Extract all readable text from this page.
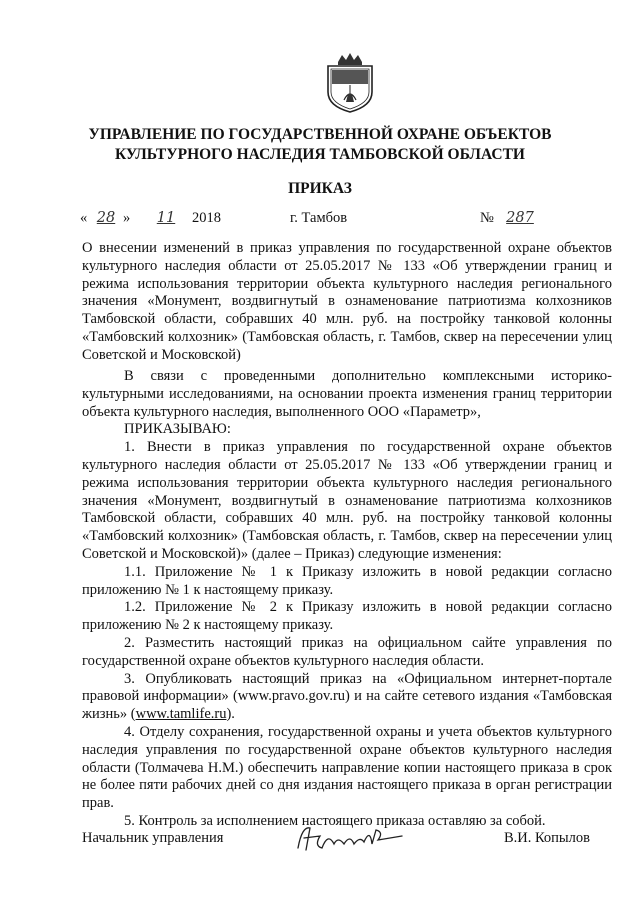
УПРАВЛЕНИЕ ПО ГОСУДАРСТВЕННОЙ ОХРАНЕ ОБЪЕКТОВ
КУЛЬТУРНОГО НАСЛЕДИЯ ТАМБОВСКОЙ ОБЛАСТИ
ПРИКАЗ
« 28 »	11	2018	г. Тамбов	№ 287
О внесении изменений в приказ управления по государственной охране объектов культурного наследия области от 25.05.2017 № 133 «Об утверждении границ и режима использования территории объекта культурного наследия регионального значения «Монумент, воздвигнутый в ознаменование патриотизма колхозников Тамбовской области, собравших 40 млн. руб. на постройку танковой колонны «Тамбовский колхозник» (Тамбовская область, г. Тамбов, сквер на пересечении улиц Советской и Московской)

В связи с проведенными дополнительно комплексными историко-культурными исследованиями, на основании проекта изменения границ территории объекта культурного наследия, выполненного ООО «Параметр»,

ПРИКАЗЫВАЮ:

1. Внести в приказ управления по государственной охране объектов культурного наследия области от 25.05.2017 № 133 «Об утверждении границ и режима использования территории объекта культурного наследия регионального значения «Монумент, воздвигнутый в ознаменование патриотизма колхозников Тамбовской области, собравших 40 млн. руб. на постройку танковой колонны «Тамбовский колхозник» (Тамбовская область, г. Тамбов, сквер на пересечении улиц Советской и Московской)» (далее – Приказ) следующие изменения:

1.1. Приложение № 1 к Приказу изложить в новой редакции согласно приложению № 1 к настоящему приказу.

1.2. Приложение № 2 к Приказу изложить в новой редакции согласно приложению № 2 к настоящему приказу.

2. Разместить настоящий приказ на официальном сайте управления по государственной охране объектов культурного наследия области.

3. Опубликовать настоящий приказ на «Официальном интернет-портале правовой информации» (www.pravo.gov.ru) и на сайте сетевого издания «Тамбовская жизнь» (www.tamlife.ru).

4. Отделу сохранения, государственной охраны и учета объектов культурного наследия управления по государственной охране объектов культурного наследия области (Толмачева Н.М.) обеспечить направление копии настоящего приказа в срок не более пяти рабочих дней со дня издания настоящего приказа в орган регистрации прав.

5. Контроль за исполнением настоящего приказа оставляю за собой.

Начальник управления	В.И. Копылов
